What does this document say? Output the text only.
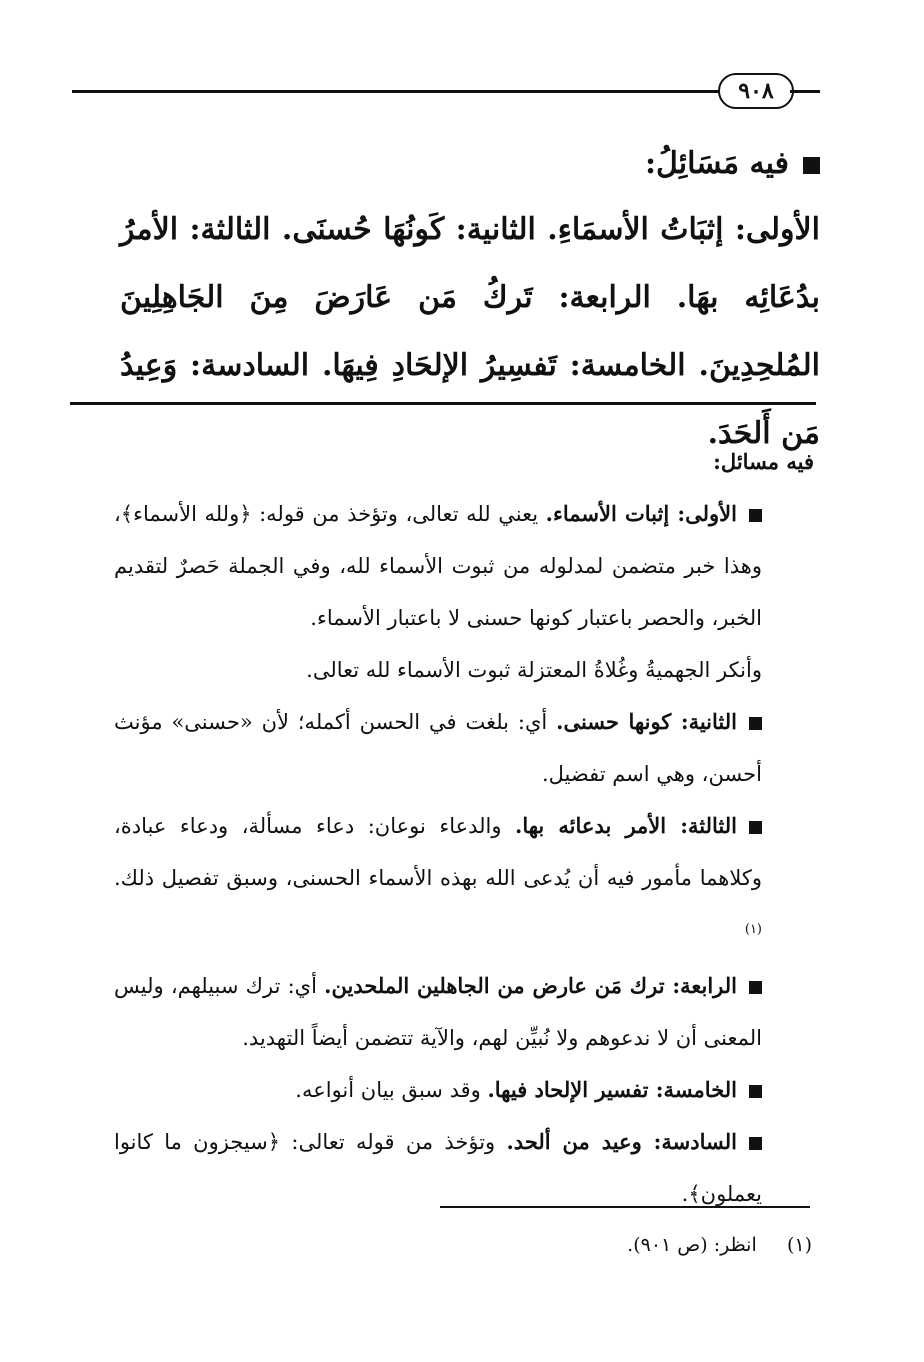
٩٠٨
فيه مَسَائِلُ:
الأولى: إثبَاتُ الأسمَاءِ. الثانية: كَونُهَا حُسنَى. الثالثة: الأمرُ بدُعَائِه بهَا. الرابعة: تَركُ مَن عَارَضَ مِنَ الجَاهِلِينَ المُلحِدِينَ. الخامسة: تَفسِيرُ الإلحَادِ فِيهَا. السادسة: وَعِيدُ مَن أَلحَدَ.

فيه مسائل:

الأولى: إثبات الأسماء. يعني لله تعالى، وتؤخذ من قوله: ﴿ولله الأسماء﴾، وهذا خبر متضمن لمدلوله من ثبوت الأسماء لله، وفي الجملة حَصرٌ لتقديم الخبر، والحصر باعتبار كونها حسنى لا باعتبار الأسماء.

وأنكر الجهميةُ وغُلاةُ المعتزلة ثبوت الأسماء لله تعالى.

الثانية: كونها حسنى. أي: بلغت في الحسن أكمله؛ لأن «حسنى» مؤنث أحسن، وهي اسم تفضيل.

الثالثة: الأمر بدعائه بها. والدعاء نوعان: دعاء مسألة، ودعاء عبادة، وكلاهما مأمور فيه أن يُدعى الله بهذه الأسماء الحسنى، وسبق تفصيل ذلك.$^{(١)}$

الرابعة: ترك مَن عارض من الجاهلين الملحدين. أي: ترك سبيلهم، وليس المعنى أن لا ندعوهم ولا نُبيِّن لهم، والآية تتضمن أيضاً التهديد.

الخامسة: تفسير الإلحاد فيها. وقد سبق بيان أنواعه.

السادسة: وعيد من ألحد. وتؤخذ من قوله تعالى: ﴿سيجزون ما كانوا يعملون﴾.

(١)     انظر: (ص ٩٠١).
